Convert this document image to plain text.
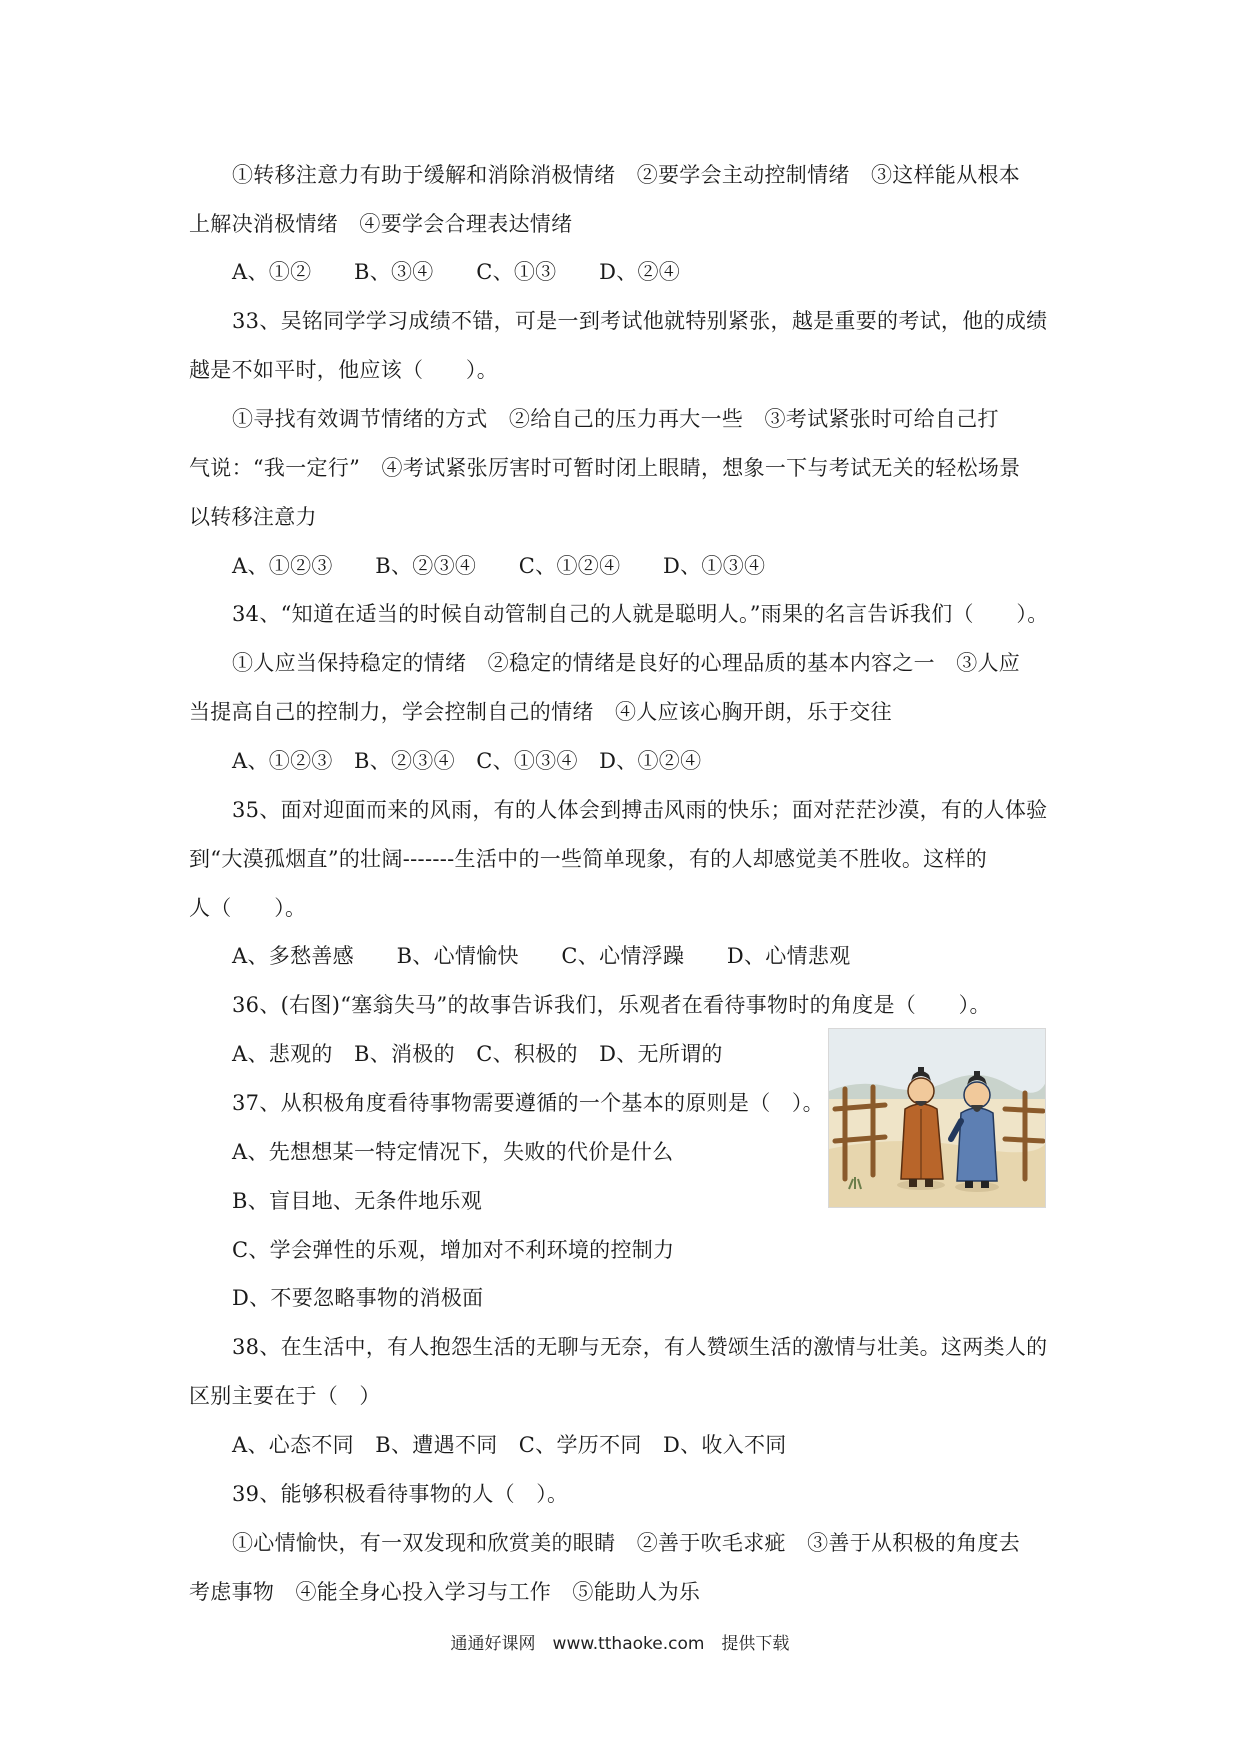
①转移注意力有助于缓解和消除消极情绪　②要学会主动控制情绪　③这样能从根本
上解决消极情绪　④要学会合理表达情绪
A、①②　　B、③④　　C、①③　　D、②④
33、吴铭同学学习成绩不错，可是一到考试他就特别紧张，越是重要的考试，他的成绩
越是不如平时，他应该（　　）。
①寻找有效调节情绪的方式　②给自己的压力再大一些　③考试紧张时可给自己打
气说：“我一定行”　④考试紧张厉害时可暂时闭上眼睛，想象一下与考试无关的轻松场景
以转移注意力
A、①②③　　B、②③④　　C、①②④　　D、①③④
34、“知道在适当的时候自动管制自己的人就是聪明人。”雨果的名言告诉我们（　　）。
①人应当保持稳定的情绪　②稳定的情绪是良好的心理品质的基本内容之一　③人应
当提高自己的控制力，学会控制自己的情绪　④人应该心胸开朗，乐于交往
A、①②③　B、②③④　C、①③④　D、①②④
35、面对迎面而来的风雨，有的人体会到搏击风雨的快乐；面对茫茫沙漠，有的人体验
到“大漠孤烟直”的壮阔-------生活中的一些简单现象，有的人却感觉美不胜收。这样的
人（　　）。
A、多愁善感　　B、心情愉快　　C、心情浮躁　　D、心情悲观
36、(右图)“塞翁失马”的故事告诉我们，乐观者在看待事物时的角度是（　　）。
A、悲观的　B、消极的　C、积极的　D、无所谓的
37、从积极角度看待事物需要遵循的一个基本的原则是（　）。
A、先想想某一特定情况下，失败的代价是什么
B、盲目地、无条件地乐观
C、学会弹性的乐观，增加对不利环境的控制力
D、不要忽略事物的消极面
38、在生活中，有人抱怨生活的无聊与无奈，有人赞颂生活的激情与壮美。这两类人的
区别主要在于（　）
A、心态不同　B、遭遇不同　C、学历不同　D、收入不同
39、能够积极看待事物的人（　）。
①心情愉快，有一双发现和欣赏美的眼睛　②善于吹毛求疵　③善于从积极的角度去
考虑事物　④能全身心投入学习与工作　⑤能助人为乐
通通好课网　www.tthaoke.com　提供下载
